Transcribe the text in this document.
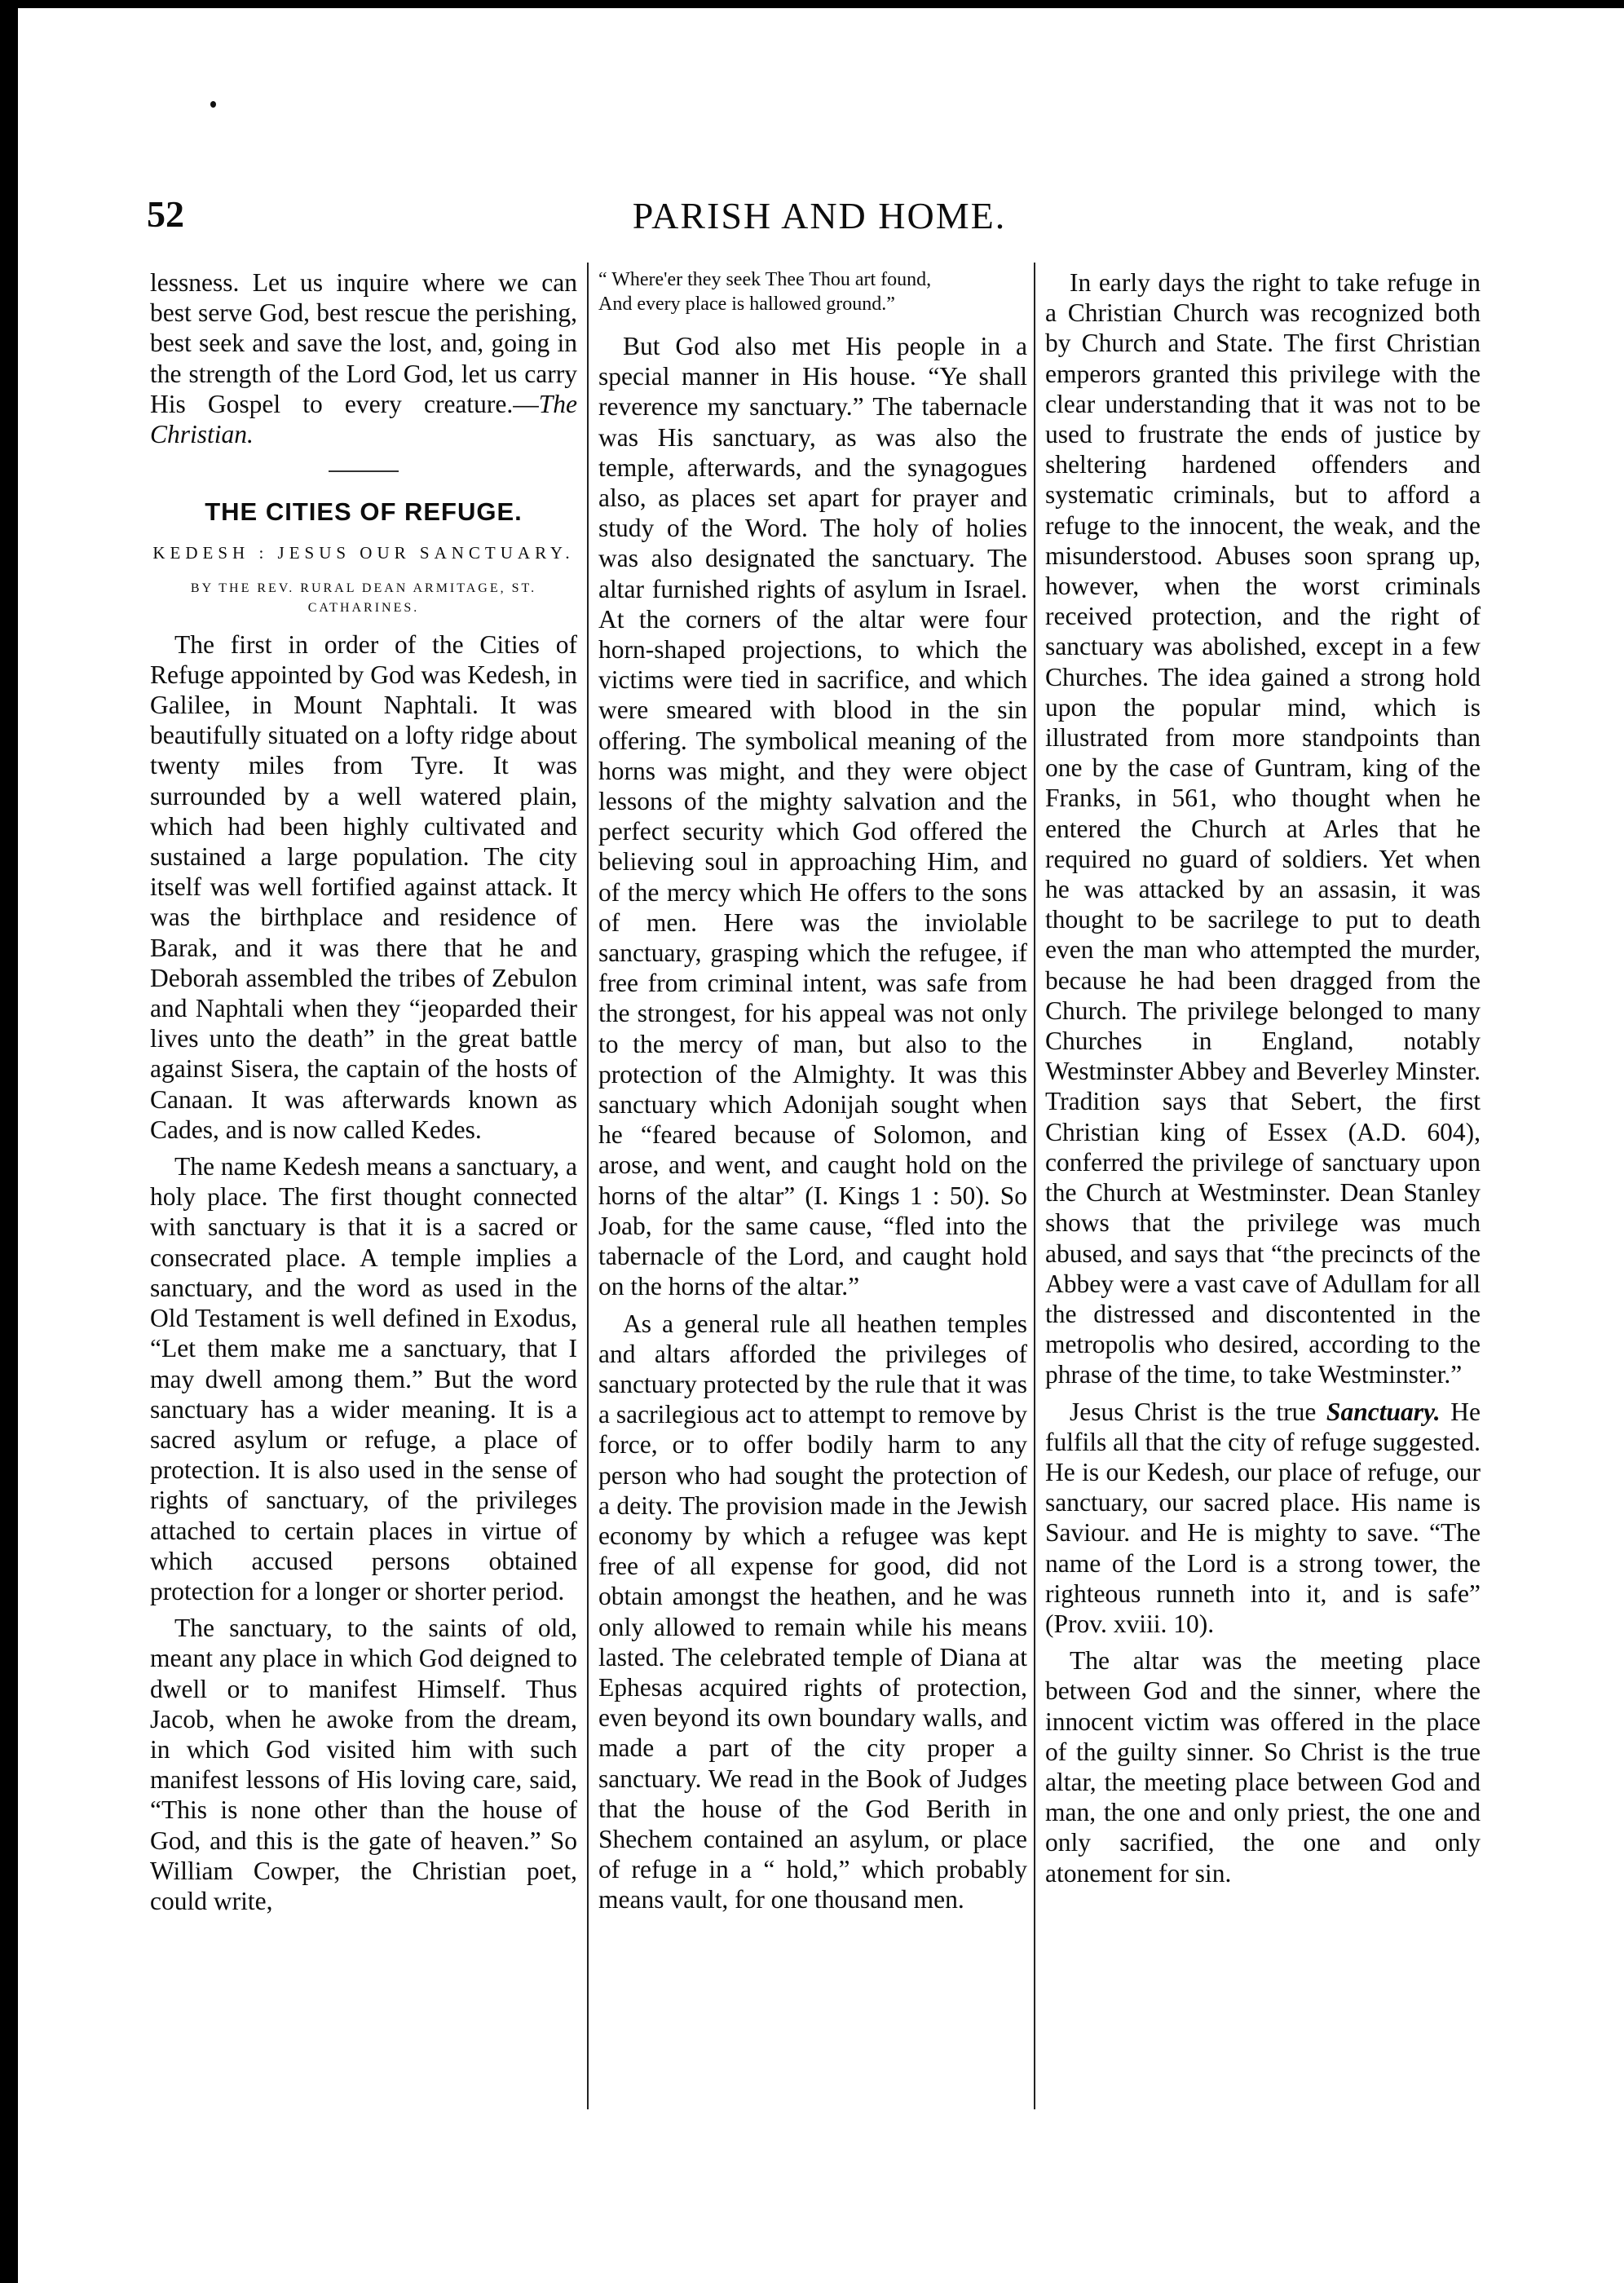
52	PARISH AND HOME.

lessness. Let us inquire where we can best serve God, best rescue the perishing, best seek and save the lost, and, going in the strength of the Lord God, let us carry His Gospel to every creature.—The Christian.

THE CITIES OF REFUGE.
KEDESH : JESUS OUR SANCTUARY.
BY THE REV. RURAL DEAN ARMITAGE, ST. CATHARINES.

The first in order of the Cities of Refuge appointed by God was Kedesh, in Galilee, in Mount Naphtali. It was beautifully situated on a lofty ridge about twenty miles from Tyre. It was surrounded by a well watered plain, which had been highly cultivated and sustained a large population. The city itself was well fortified against attack. It was the birthplace and residence of Barak, and it was there that he and Deborah assembled the tribes of Zebulon and Naphtali when they “jeoparded their lives unto the death” in the great battle against Sisera, the captain of the hosts of Canaan. It was afterwards known as Cades, and is now called Kedes.

The name Kedesh means a sanctuary, a holy place. The first thought connected with sanctuary is that it is a sacred or consecrated place. A temple implies a sanctuary, and the word as used in the Old Testament is well defined in Exodus, “Let them make me a sanctuary, that I may dwell among them.” But the word sanctuary has a wider meaning. It is a sacred asylum or refuge, a place of protection. It is also used in the sense of rights of sanctuary, of the privileges attached to certain places in virtue of which accused persons obtained protection for a longer or shorter period.

The sanctuary, to the saints of old, meant any place in which God deigned to dwell or to manifest Himself. Thus Jacob, when he awoke from the dream, in which God visited him with such manifest lessons of His loving care, said, “This is none other than the house of God, and this is the gate of heaven.” So William Cowper, the Christian poet, could write,

“ Where'er they seek Thee Thou art found,
And every place is hallowed ground.”

But God also met His people in a special manner in His house. “Ye shall reverence my sanctuary.” The tabernacle was His sanctuary, as was also the temple, afterwards, and the synagogues also, as places set apart for prayer and study of the Word. The holy of holies was also designated the sanctuary. The altar furnished rights of asylum in Israel. At the corners of the altar were four horn-shaped projections, to which the victims were tied in sacrifice, and which were smeared with blood in the sin offering. The symbolical meaning of the horns was might, and they were object lessons of the mighty salvation and the perfect security which God offered the believing soul in approaching Him, and of the mercy which He offers to the sons of men. Here was the inviolable sanctuary, grasping which the refugee, if free from criminal intent, was safe from the strongest, for his appeal was not only to the mercy of man, but also to the protection of the Almighty. It was this sanctuary which Adonijah sought when he “feared because of Solomon, and arose, and went, and caught hold on the horns of the altar” (I. Kings 1 : 50). So Joab, for the same cause, “fled into the tabernacle of the Lord, and caught hold on the horns of the altar.”

As a general rule all heathen temples and altars afforded the privileges of sanctuary protected by the rule that it was a sacrilegious act to attempt to remove by force, or to offer bodily harm to any person who had sought the protection of a deity. The provision made in the Jewish economy by which a refugee was kept free of all expense for good, did not obtain amongst the heathen, and he was only allowed to remain while his means lasted. The celebrated temple of Diana at Ephesas acquired rights of protection, even beyond its own boundary walls, and made a part of the city proper a sanctuary. We read in the Book of Judges that the house of the God Berith in Shechem contained an asylum, or place of refuge in a “ hold,” which probably means vault, for one thousand men.

In early days the right to take refuge in a Christian Church was recognized both by Church and State. The first Christian emperors granted this privilege with the clear understanding that it was not to be used to frustrate the ends of justice by sheltering hardened offenders and systematic criminals, but to afford a refuge to the innocent, the weak, and the misunderstood. Abuses soon sprang up, however, when the worst criminals received protection, and the right of sanctuary was abolished, except in a few Churches. The idea gained a strong hold upon the popular mind, which is illustrated from more standpoints than one by the case of Guntram, king of the Franks, in 561, who thought when he entered the Church at Arles that he required no guard of soldiers. Yet when he was attacked by an assasin, it was thought to be sacrilege to put to death even the man who attempted the murder, because he had been dragged from the Church. The privilege belonged to many Churches in England, notably Westminster Abbey and Beverley Minster. Tradition says that Sebert, the first Christian king of Essex (A.D. 604), conferred the privilege of sanctuary upon the Church at Westminster. Dean Stanley shows that the privilege was much abused, and says that “the precincts of the Abbey were a vast cave of Adullam for all the distressed and discontented in the metropolis who desired, according to the phrase of the time, to take Westminster.”

Jesus Christ is the true Sanctuary. He fulfils all that the city of refuge suggested. He is our Kedesh, our place of refuge, our sanctuary, our sacred place. His name is Saviour. and He is mighty to save. “The name of the Lord is a strong tower, the righteous runneth into it, and is safe” (Prov. xviii. 10).

The altar was the meeting place between God and the sinner, where the innocent victim was offered in the place of the guilty sinner. So Christ is the true altar, the meeting place between God and man, the one and only priest, the one and only sacrified, the one and only atonement for sin.
